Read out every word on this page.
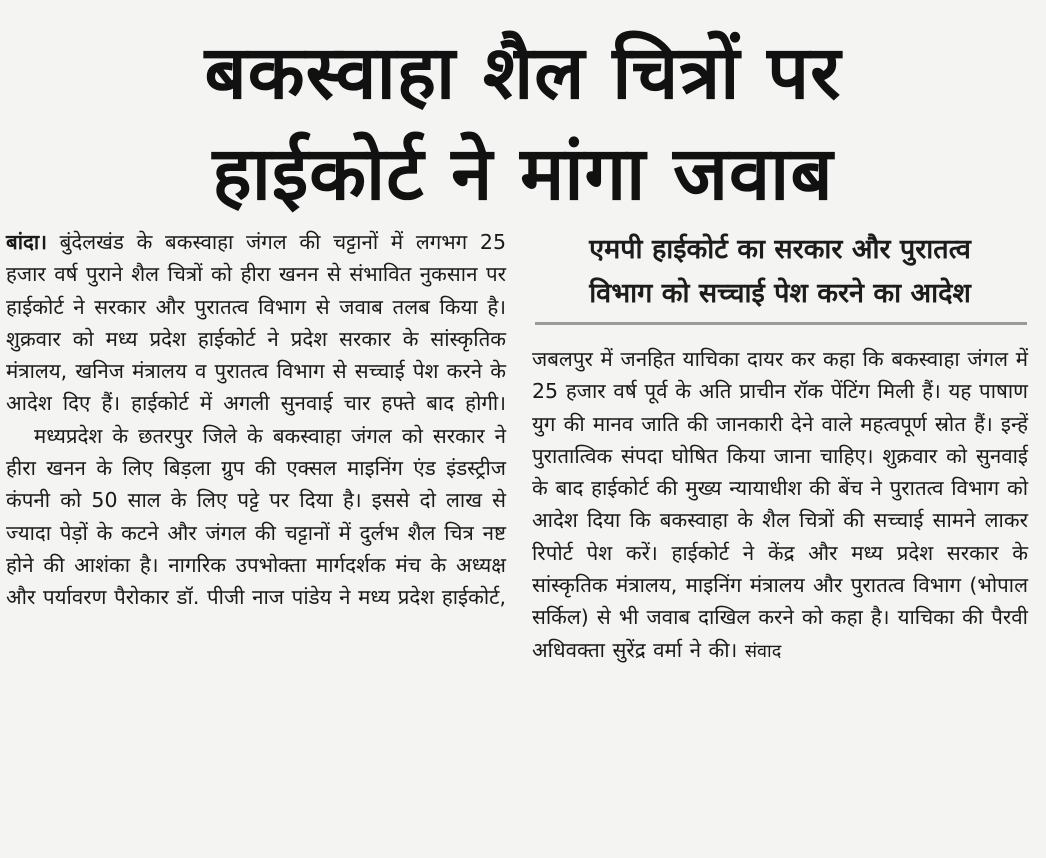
बकस्वाहा शैल चित्रों पर
हाईकोर्ट ने मांगा जवाब

बांदा। बुंदेलखंड के बकस्वाहा जंगल की चट्टानों में लगभग 25 हजार वर्ष पुराने शैल चित्रों को हीरा खनन से संभावित नुकसान पर हाईकोर्ट ने सरकार और पुरातत्व विभाग से जवाब तलब किया है। शुक्रवार को मध्य प्रदेश हाईकोर्ट ने प्रदेश सरकार के सांस्कृतिक मंत्रालय, खनिज मंत्रालय व पुरातत्व विभाग से सच्चाई पेश करने के आदेश दिए हैं। हाईकोर्ट में अगली सुनवाई चार हफ्ते बाद होगी।

मध्यप्रदेश के छतरपुर जिले के बकस्वाहा जंगल को सरकार ने हीरा खनन के लिए बिड़ला ग्रुप की एक्सल माइनिंग एंड इंडस्ट्रीज कंपनी को 50 साल के लिए पट्टे पर दिया है। इससे दो लाख से ज्यादा पेड़ों के कटने और जंगल की चट्टानों में दुर्लभ शैल चित्र नष्ट होने की आशंका है। नागरिक उपभोक्ता मार्गदर्शक मंच के अध्यक्ष और पर्यावरण पैरोकार डॉ. पीजी नाज पांडेय ने मध्य प्रदेश हाईकोर्ट,

एमपी हाईकोर्ट का सरकार और पुरातत्व
विभाग को सच्चाई पेश करने का आदेश

जबलपुर में जनहित याचिका दायर कर कहा कि बकस्वाहा जंगल में 25 हजार वर्ष पूर्व के अति प्राचीन रॉक पेंटिंग मिली हैं। यह पाषाण युग की मानव जाति की जानकारी देने वाले महत्वपूर्ण स्रोत हैं। इन्हें पुरातात्विक संपदा घोषित किया जाना चाहिए। शुक्रवार को सुनवाई के बाद हाईकोर्ट की मुख्य न्यायाधीश की बेंच ने पुरातत्व विभाग को आदेश दिया कि बकस्वाहा के शैल चित्रों की सच्चाई सामने लाकर रिपोर्ट पेश करें। हाईकोर्ट ने केंद्र और मध्य प्रदेश सरकार के सांस्कृतिक मंत्रालय, माइनिंग मंत्रालय और पुरातत्व विभाग (भोपाल सर्किल) से भी जवाब दाखिल करने को कहा है। याचिका की पैरवी अधिवक्ता सुरेंद्र वर्मा ने की। संवाद
